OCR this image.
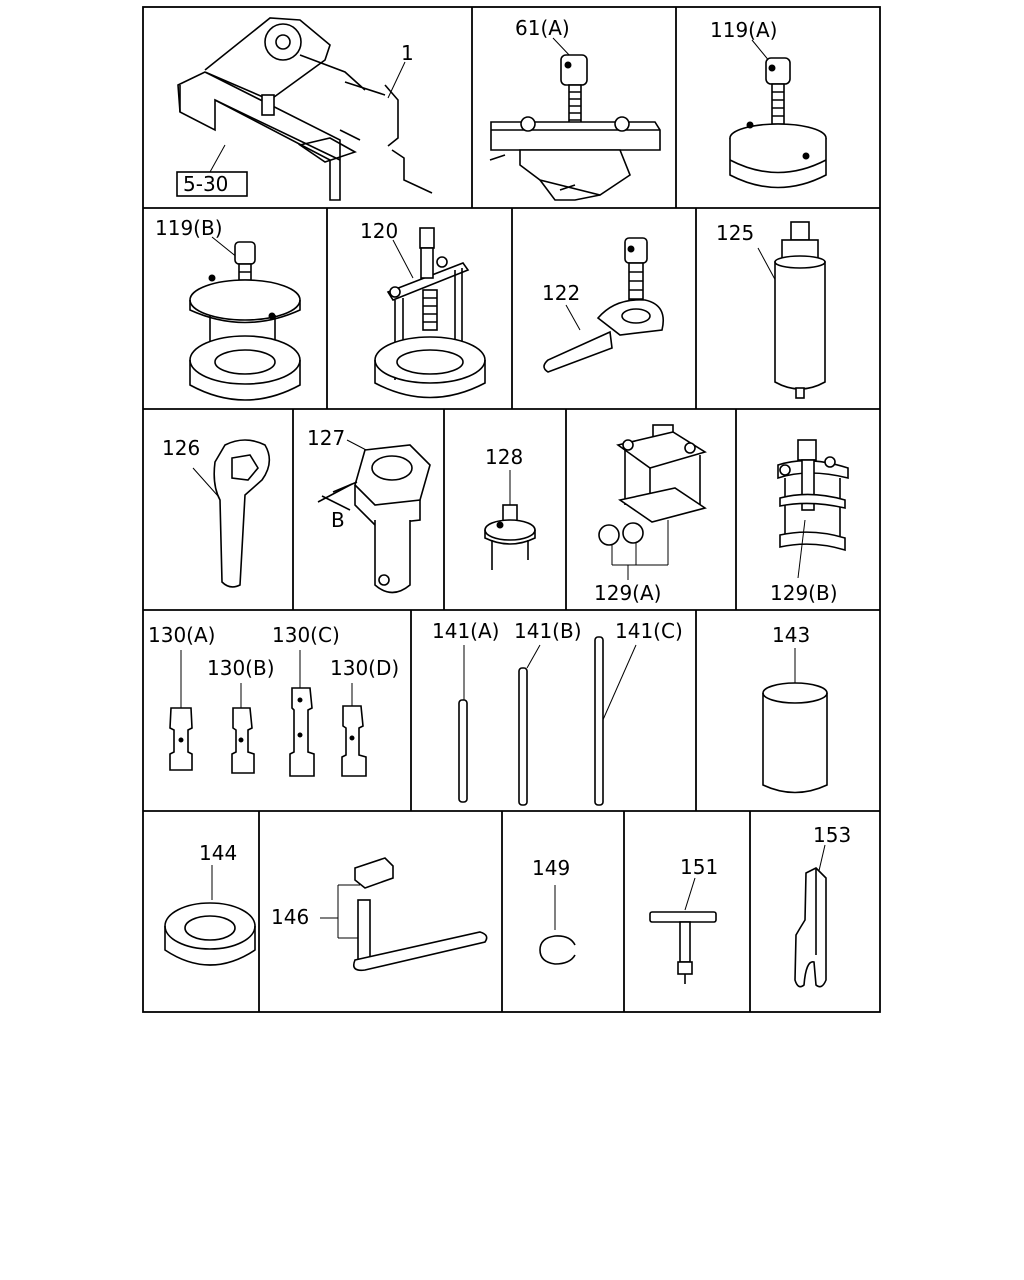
1
5-30
61(A)	119(A)
119(B)	120
122
125
126	127
B
128
129(A)	129(B)
130(A)
130(B)
130(C)
130(D)
141(A) 141(B) 141(C)	143
144
146
149	151
153
